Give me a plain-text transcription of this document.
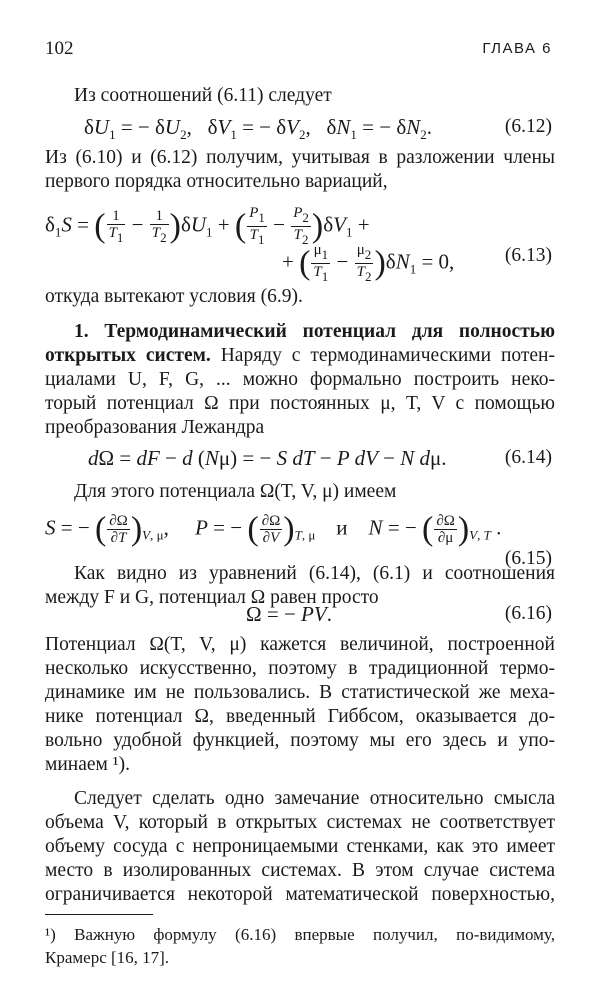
102	ГЛАВА 6
Из соотношений (6.11) следует
$\delta U_1$ = − $\delta U_2$,   $\delta V_1$ = − $\delta V_2$,   $\delta N_1$ = − $\delta N_2$.	(6.12)
Из (6.10) и (6.12) получим, учитывая в разложении члены
первого порядка относительно вариаций,
$\delta_1S$ = ( $\frac{1}{T1} - \frac{1}{T2} )\delta U_1$ + ( $\frac{P1}{T1} - \frac{P2}{T2} )\delta V_1$ +
+ ( $\frac{\mu 1}{T1} - \frac{\mu 2}{T2} )\delta N_1 = 0$,	(6.13)
откуда вытекают условия (6.9).
1. Термодинамический потенциал для полностью
открытых систем. Наряду с термодинамическими потен-
циалами U, F, G, ... можно формально построить неко-
торый потенциал Ω при постоянных μ, T, V с помощью
преобразования Лежандра
dΩ = dF − d (Nμ) = − S dT − P dV − N dμ.	(6.14)
Для этого потенциала Ω(T, V, μ) имеем
S = − ( $\frac{\partial\Omega}{\partial T} )_{V, \mu}$,     P = − ( $\frac{\partial\Omega}{\partial V} )_{T, \mu}$ и N = − ( $\frac{\partial\Omega}{\partial\mu} )_{V, T}$ .
(6.15)
Как видно из уравнений (6.14), (6.1) и соотношения
между F и G, потенциал Ω равен просто
Ω = − PV.	(6.16)
Потенциал Ω(T, V, μ) кажется величиной, построенной
несколько искусственно, поэтому в традиционной термо-
динамике им не пользовались. В статистической же меха-
нике потенциал Ω, введенный Гиббсом, оказывается до-
вольно удобной функцией, поэтому мы его здесь и упо-
минаем ¹).
Следует сделать одно замечание относительно смысла
объема V, который в открытых системах не соответствует
объему сосуда с непроницаемыми стенками, как это имеет
место в изолированных системах. В этом случае система
ограничивается некоторой математической поверхностью,
¹) Важную формулу (6.16) впервые получил, по-видимому,
Крамерс [16, 17].
